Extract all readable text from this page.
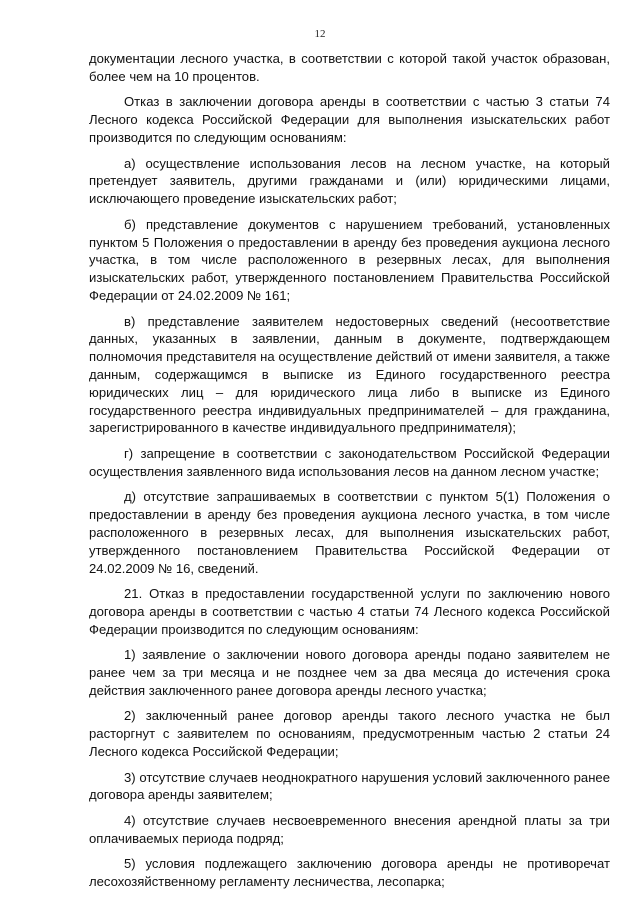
12

документации лесного участка, в соответствии с которой такой участок образован, более чем на 10 процентов.

Отказ в заключении договора аренды в соответствии с частью 3 статьи 74 Лесного кодекса Российской Федерации для выполнения изыскательских работ производится по следующим основаниям:

а) осуществление использования лесов на лесном участке, на который претендует заявитель, другими гражданами и (или) юридическими лицами, исключающего проведение изыскательских работ;

б) представление документов с нарушением требований, установленных пунктом 5 Положения о предоставлении в аренду без проведения аукциона лесного участка, в том числе расположенного в резервных лесах, для выполнения изыскательских работ, утвержденного постановлением Правительства Российской Федерации от 24.02.2009 № 161;

в) представление заявителем недостоверных сведений (несоответствие данных, указанных в заявлении, данным в документе, подтверждающем полномочия представителя на осуществление действий от имени заявителя, а также данным, содержащимся в выписке из Единого государственного реестра юридических лиц – для юридического лица либо в выписке из Единого государственного реестра индивидуальных предпринимателей – для гражданина, зарегистрированного в качестве индивидуального предпринимателя);

г) запрещение в соответствии с законодательством Российской Федерации осуществления заявленного вида использования лесов на данном лесном участке;

д) отсутствие запрашиваемых в соответствии с пунктом 5(1) Положения о предоставлении в аренду без проведения аукциона лесного участка, в том числе расположенного в резервных лесах, для выполнения изыскательских работ, утвержденного постановлением Правительства Российской Федерации от 24.02.2009 № 16, сведений.

21. Отказ в предоставлении государственной услуги по заключению нового договора аренды в соответствии с частью 4 статьи 74 Лесного кодекса Российской Федерации производится по следующим основаниям:

1) заявление о заключении нового договора аренды подано заявителем не ранее чем за три месяца и не позднее чем за два месяца до истечения срока действия заключенного ранее договора аренды лесного участка;

2) заключенный ранее договор аренды такого лесного участка не был расторгнут с заявителем по основаниям, предусмотренным частью 2 статьи 24 Лесного кодекса Российской Федерации;

3) отсутствие случаев неоднократного нарушения условий заключенного ранее договора аренды заявителем;

4) отсутствие случаев несвоевременного внесения арендной платы за три оплачиваемых периода подряд;

5) условия подлежащего заключению договора аренды не противоречат лесохозяйственному регламенту лесничества, лесопарка;
